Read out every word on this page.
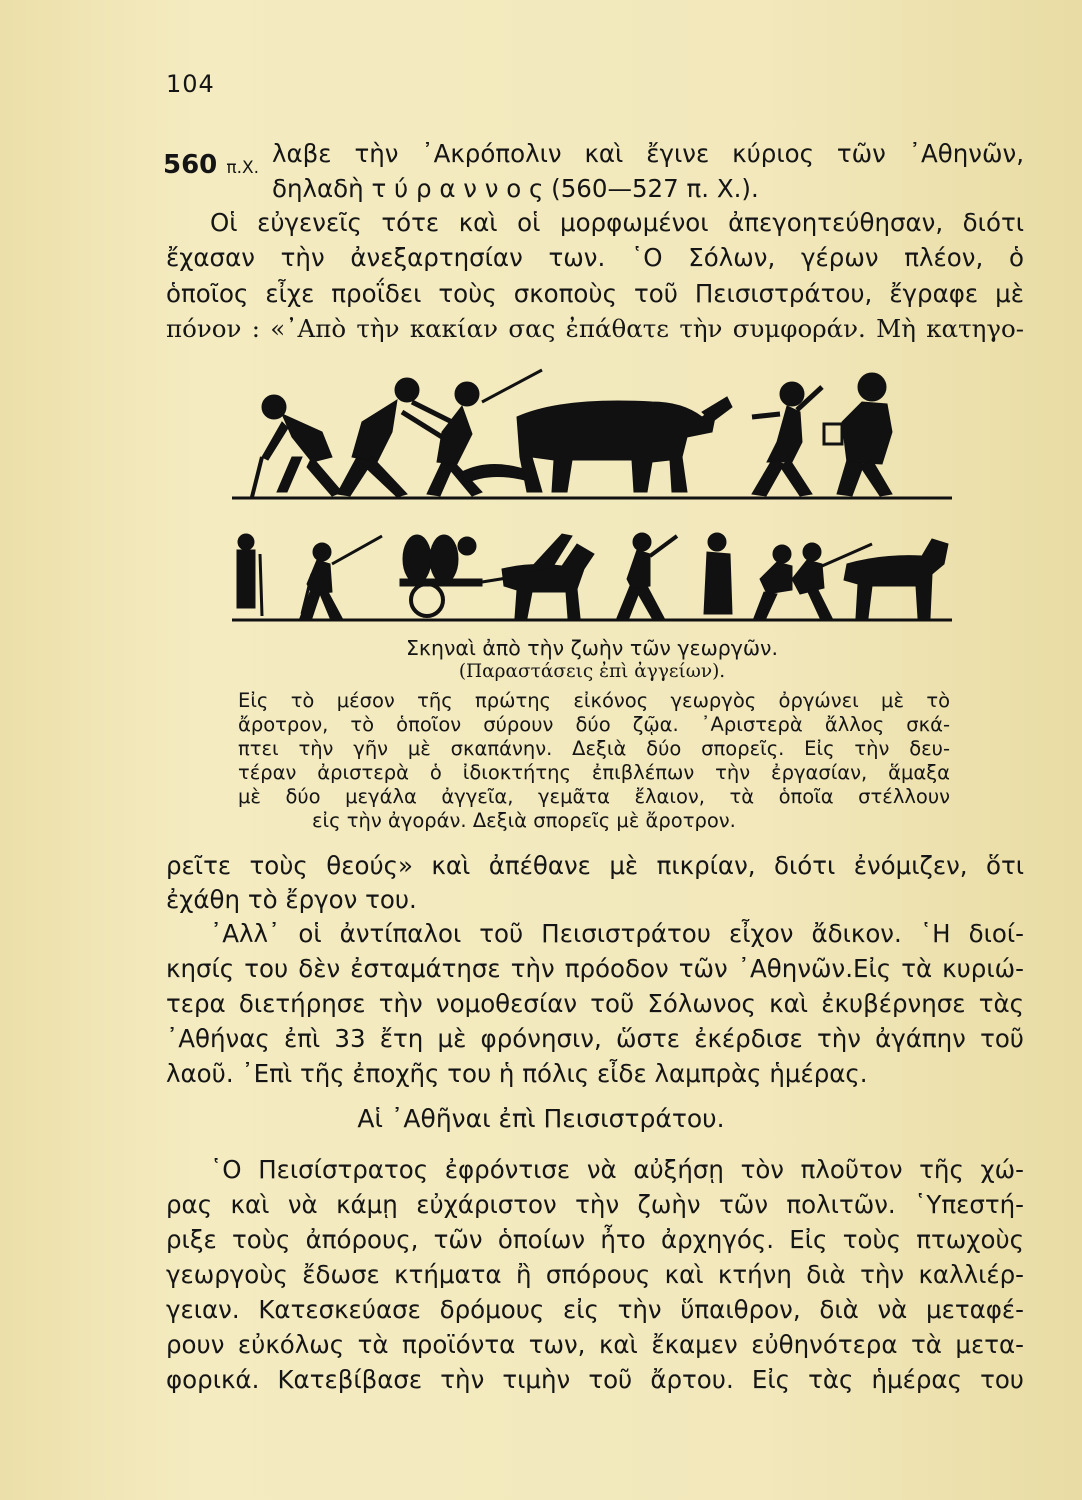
104
560 π.Χ. λαβε τὴν ᾿Ακρόπολιν καὶ ἔγινε κύριος τῶν ᾿Αθηνῶν,
δηλαδὴ τ ύ ρ α ν ν ο ς (560—527 π. Χ.).
Οἱ εὐγενεῖς τότε καὶ οἱ μορφωμένοι ἀπεγοητεύθησαν, διότι
ἔχασαν τὴν ἀνεξαρτησίαν των. ῾Ο Σόλων, γέρων πλέον, ὁ
ὁποῖος εἶχε προΐδει τοὺς σκοποὺς τοῦ Πεισιστράτου, ἔγραφε μὲ
πόνον : «᾿Απὸ τὴν κακίαν σας ἐπάθατε τὴν συμφοράν. Μὴ κατηγο-
Σκηναὶ ἀπὸ τὴν ζωὴν τῶν γεωργῶν.
(Παραστάσεις ἐπὶ ἀγγείων).
Εἰς τὸ μέσον τῆς πρώτης εἰκόνος γεωργὸς ὀργώνει μὲ τὸ
ἄροτρον, τὸ ὁποῖον σύρουν δύο ζῷα. ᾿Αριστερὰ ἄλλος σκά-
πτει τὴν γῆν μὲ σκαπάνην. Δεξιὰ δύο σπορεῖς. Εἰς τὴν δευ-
τέραν ἀριστερὰ ὁ ἰδιοκτήτης ἐπιβλέπων τὴν ἐργασίαν, ἅμαξα
μὲ δύο μεγάλα ἀγγεῖα, γεμᾶτα ἔλαιον, τὰ ὁποῖα στέλλουν
εἰς τὴν ἀγοράν. Δεξιὰ σπορεῖς μὲ ἄροτρον.
ρεῖτε τοὺς θεούς» καὶ ἀπέθανε μὲ πικρίαν, διότι ἐνόμιζεν, ὅτι
ἐχάθη τὸ ἔργον του.
᾿Αλλ᾿ οἱ ἀντίπαλοι τοῦ Πεισιστράτου εἶχον ἄδικον. ῾Η διοί-
κησίς του δὲν ἐσταμάτησε τὴν πρόοδον τῶν ᾿Αθηνῶν.Εἰς τὰ κυριώ-
τερα διετήρησε τὴν νομοθεσίαν τοῦ Σόλωνος καὶ ἐκυβέρνησε τὰς
᾿Αθήνας ἐπὶ 33 ἔτη μὲ φρόνησιν, ὥστε ἐκέρδισε τὴν ἀγάπην τοῦ
λαοῦ. ᾿Επὶ τῆς ἐποχῆς του ἡ πόλις εἶδε λαμπρὰς ἡμέρας.
Αἱ ᾿Αθῆναι ἐπὶ Πεισιστράτου.
῾Ο Πεισίστρατος ἐφρόντισε νὰ αὐξήσῃ τὸν πλοῦτον τῆς χώ-
ρας καὶ νὰ κάμῃ εὐχάριστον τὴν ζωὴν τῶν πολιτῶν. ῾Υπεστή-
ριξε τοὺς ἀπόρους, τῶν ὁποίων ἦτο ἀρχηγός. Εἰς τοὺς πτωχοὺς
γεωργοὺς ἔδωσε κτήματα ἢ σπόρους καὶ κτήνη διὰ τὴν καλλιέρ-
γειαν. Κατεσκεύασε δρόμους εἰς τὴν ὕπαιθρον, διὰ νὰ μεταφέ-
ρουν εὐκόλως τὰ προϊόντα των, καὶ ἔκαμεν εὐθηνότερα τὰ μετα-
φορικά. Κατεβίβασε τὴν τιμὴν τοῦ ἄρτου. Εἰς τὰς ἡμέρας του
